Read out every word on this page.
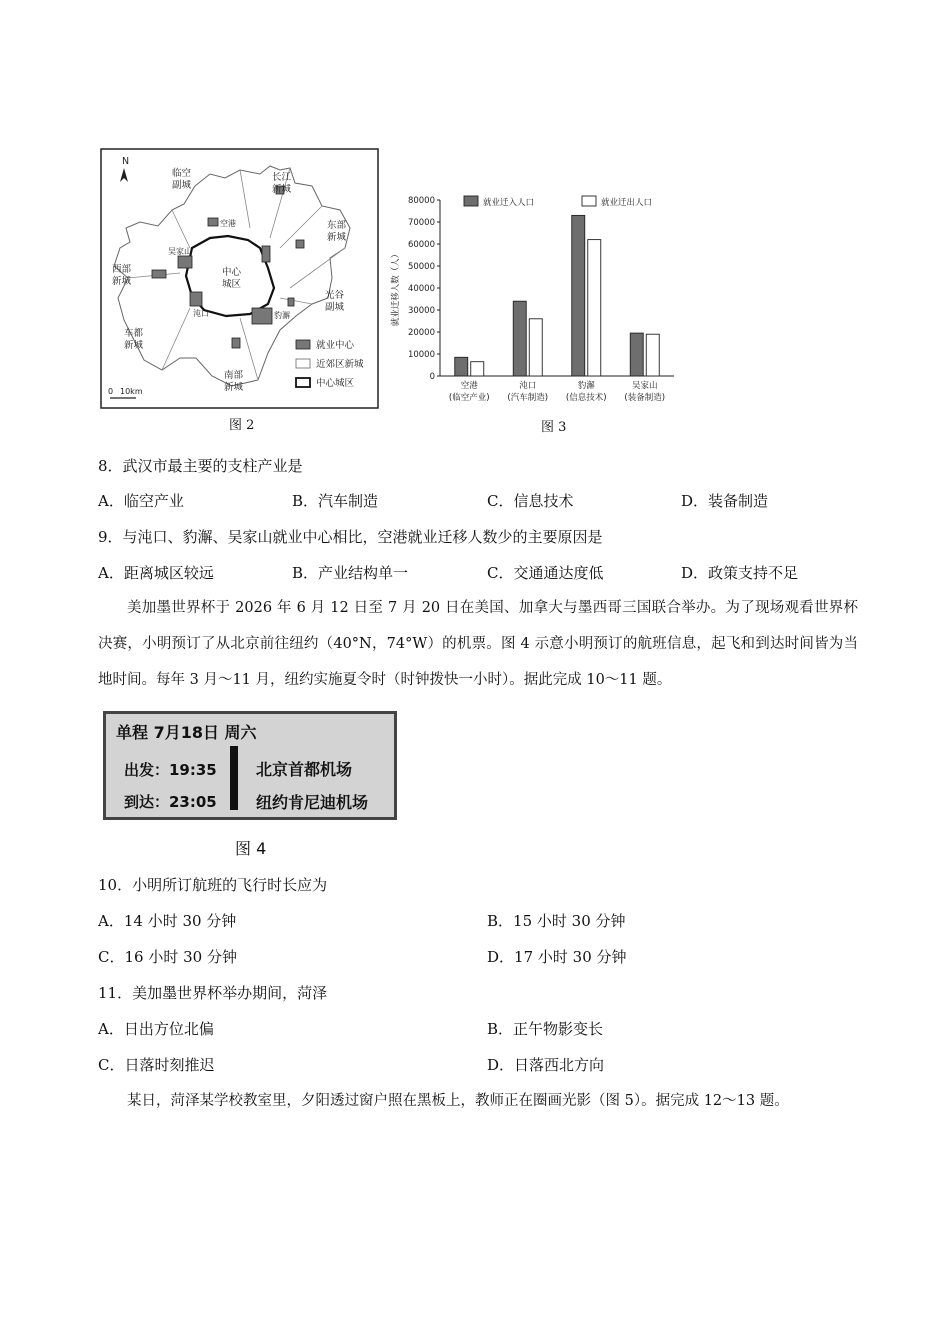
N
临空
副城
长江
新城
东部
新城
西部
新城
中心
城区
光谷
副城
车都
新城
南部
新城
空港
吴家山
沌口	豹澥
就业中心
近郊区新城
中心城区
0 10km
图 2
0
10000
20000
30000
40000
50000
60000
70000
80000
就业迁移人数（人）
空港
(临空产业)
沌口
(汽车制造)
豹澥
(信息技术)
吴家山
(装备制造)
就业迁入人口	就业迁出人口
图 3
8．武汉市最主要的支柱产业是
A．临空产业	B．汽车制造	C．信息技术	D．装备制造
9．与沌口、豹澥、吴家山就业中心相比，空港就业迁移人数少的主要原因是
A．距离城区较远	B．产业结构单一	C．交通通达度低	D．政策支持不足

美加墨世界杯于 2026 年 6 月 12 日至 7 月 20 日在美国、加拿大与墨西哥三国联合举办。为了现场观看世界杯决赛，小明预订了从北京前往纽约（40°N，74°W）的机票。图 4 示意小明预订的航班信息，起飞和到达时间皆为当地时间。每年 3 月～11 月，纽约实施夏令时（时钟拨快一小时）。据此完成 10～11 题。

单程 7月18日 周六
出发：19:35
到达：23:05
北京首都机场
纽约肯尼迪机场
图 4
10．小明所订航班的飞行时长应为
A．14 小时 30 分钟	B．15 小时 30 分钟
C．16 小时 30 分钟	D．17 小时 30 分钟
11．美加墨世界杯举办期间，菏泽
A．日出方位北偏	B．正午物影变长
C．日落时刻推迟	D．日落西北方向

某日，菏泽某学校教室里，夕阳透过窗户照在黑板上，教师正在圈画光影（图 5）。据完成 12～13 题。
